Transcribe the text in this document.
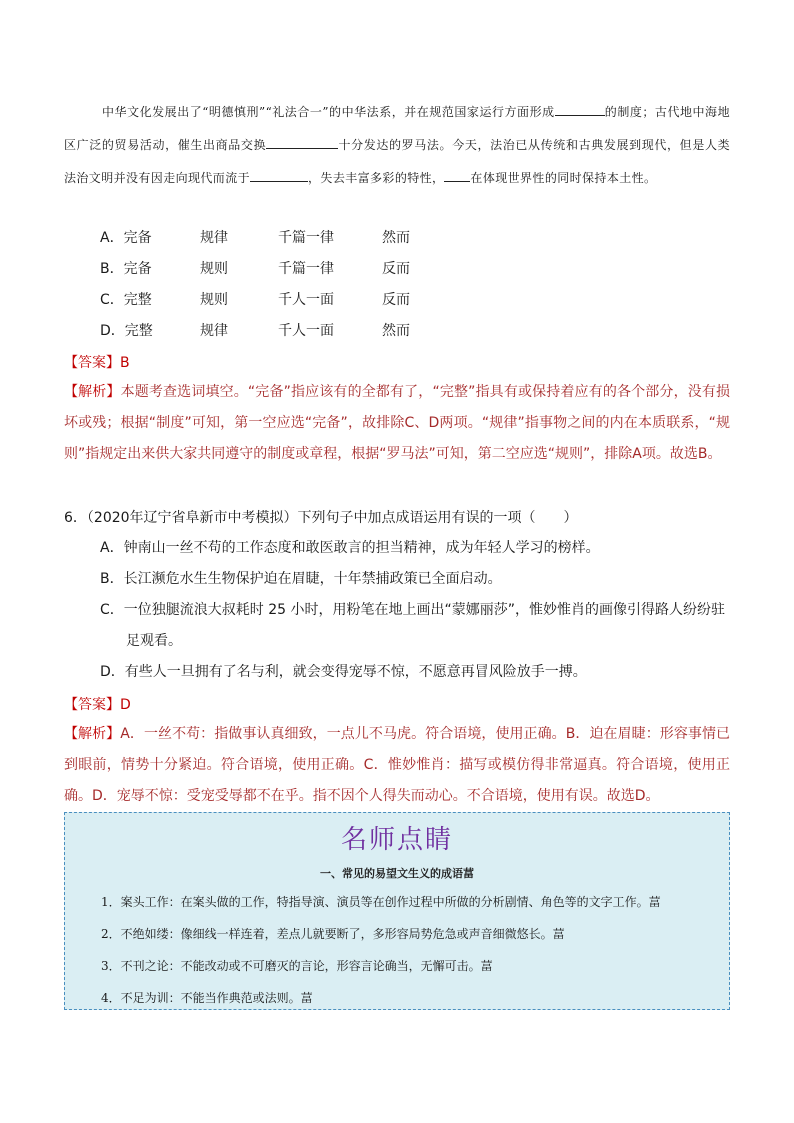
中华文化发展出了“明德慎刑”“礼法合一”的中华法系，并在规范国家运行方面形成	的制度；古代地中海地区广泛的贸易活动，催生出商品交换	十分发达的罗马法。今天，法治已从传统和古典发展到现代，但是人类法治文明并没有因走向现代而流于	，失去丰富多彩的特性， 在体现世界性的同时保持本土性。
A．完备	规律	千篇一律	然而
B．完备	规则	千篇一律	反而
C．完整	规则	千人一面	反而
D．完整	规律	千人一面	然而
【答案】B
【解析】本题考查选词填空。“完备”指应该有的全都有了，“完整”指具有或保持着应有的各个部分，没有损坏或残；根据“制度”可知，第一空应选“完备”，故排除C、D两项。“规律”指事物之间的内在本质联系，“规则”指规定出来供大家共同遵守的制度或章程，根据“罗马法”可知，第二空应选“规则”，排除A项。故选B。
6．（2020年辽宁省阜新市中考模拟）下列句子中加点成语运用有误的一项（　　）
A．钟南山一丝不苟的工作态度和敢医敢言的担当精神，成为年轻人学习的榜样。
B．长江濒危水生生物保护迫在眉睫，十年禁捕政策已全面启动。
C．一位独腿流浪大叔耗时 25 小时，用粉笔在地上画出“蒙娜丽莎”，惟妙惟肖的画像引得路人纷纷驻足观看。
D．有些人一旦拥有了名与利，就会变得宠辱不惊，不愿意再冒风险放手一搏。
【答案】D
【解析】A．一丝不苟：指做事认真细致，一点儿不马虎。符合语境，使用正确。B．迫在眉睫：形容事情已到眼前，情势十分紧迫。符合语境，使用正确。C．惟妙惟肖：描写或模仿得非常逼真。符合语境，使用正确。D．宠辱不惊：受宠受辱都不在乎。指不因个人得失而动心。不合语境，使用有误。故选D。
名师点睛
一、常见的易望文生义的成语葍
1．案头工作：在案头做的工作，特指导演、演员等在创作过程中所做的分析剧情、角色等的文字工作。葍
2．不绝如缕：像细线一样连着，差点儿就要断了，多形容局势危急或声音细微悠长。葍
3．不刊之论：不能改动或不可磨灭的言论，形容言论确当，无懈可击。葍
4．不足为训：不能当作典范或法则。葍
